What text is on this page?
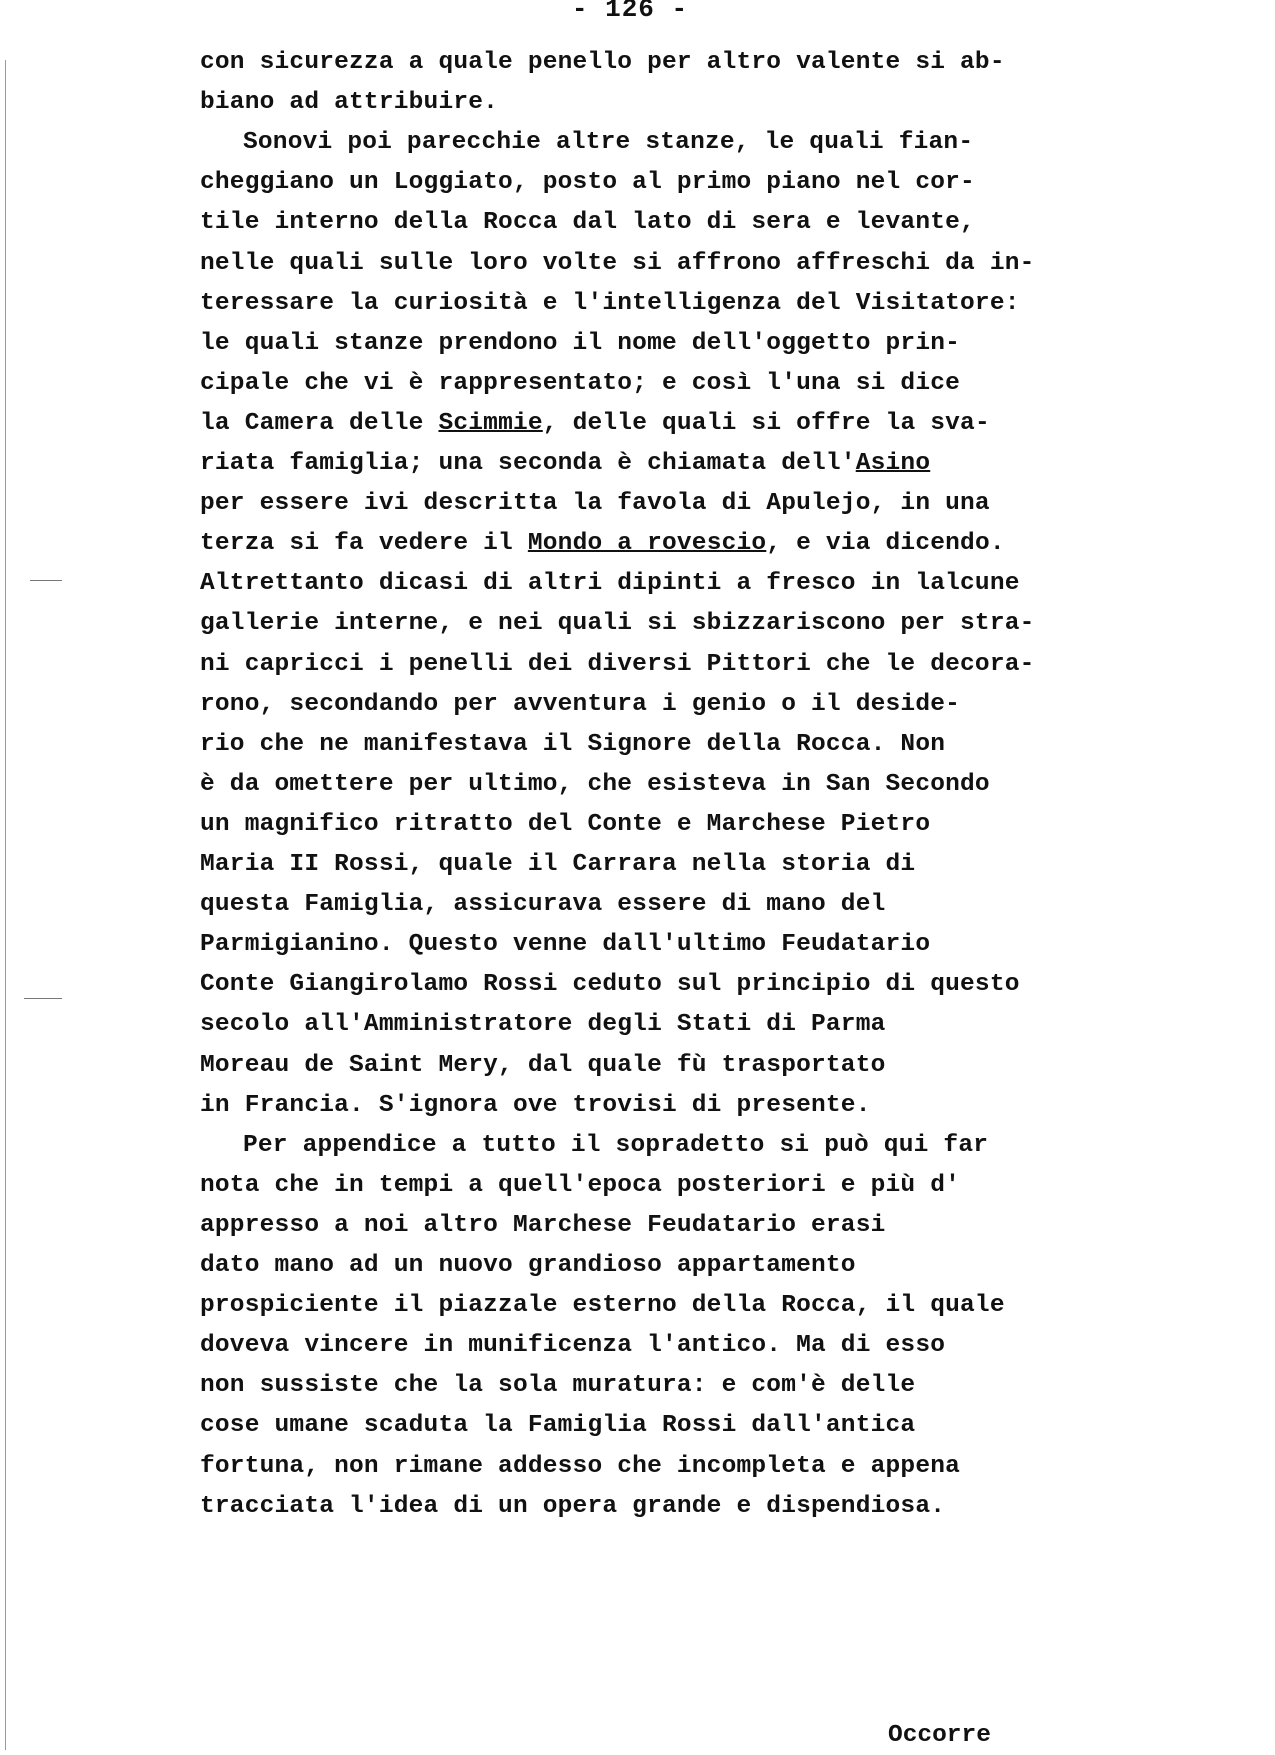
- 126 -
con sicurezza a quale penello per altro valente si ab-
biano ad attribuire.
Sonovi poi parecchie altre stanze, le quali fian-
cheggiano un Loggiato, posto al primo piano nel cor-
tile interno della Rocca dal lato di sera e levante,
nelle quali sulle loro volte si affrono affreschi da in-
teressare la curiosità e l'intelligenza del Visitatore:
le quali stanze prendono il nome dell'oggetto prin-
cipale che vi è rappresentato; e così l'una si dice
la Camera delle Scimmie, delle quali si offre la sva-
riata famiglia; una seconda è chiamata dell'Asino
per essere ivi descritta la favola di Apulejo, in una
terza si fa vedere il Mondo a rovescio, e via dicendo.
Altrettanto dicasi di altri dipinti a fresco in lalcune
gallerie interne, e nei quali si sbizzariscono per stra-
ni capricci i penelli dei diversi Pittori che le decora-
rono, secondando per avventura i genio o il deside-
rio che ne manifestava il Signore della Rocca. Non
è da omettere per ultimo, che esisteva in San Secondo
un magnifico ritratto del Conte e Marchese Pietro
Maria II Rossi, quale il Carrara nella storia di
questa Famiglia, assicurava essere di mano del
Parmigianino. Questo venne dall'ultimo Feudatario
Conte Giangirolamo Rossi ceduto sul principio di questo
secolo all'Amministratore degli Stati di Parma
Moreau de Saint Mery, dal quale fù trasportato
in Francia. S'ignora ove trovisi di presente.
Per appendice a tutto il sopradetto si può qui far
nota che in tempi a quell'epoca posteriori e più d'
appresso a noi altro Marchese Feudatario erasi
dato mano ad un nuovo grandioso appartamento
prospiciente il piazzale esterno della Rocca, il quale
doveva vincere in munificenza l'antico. Ma di esso
non sussiste che la sola muratura: e com'è delle
cose umane scaduta la Famiglia Rossi dall'antica
fortuna, non rimane addesso che incompleta e appena
tracciata l'idea di un opera grande e dispendiosa.
Occorre
